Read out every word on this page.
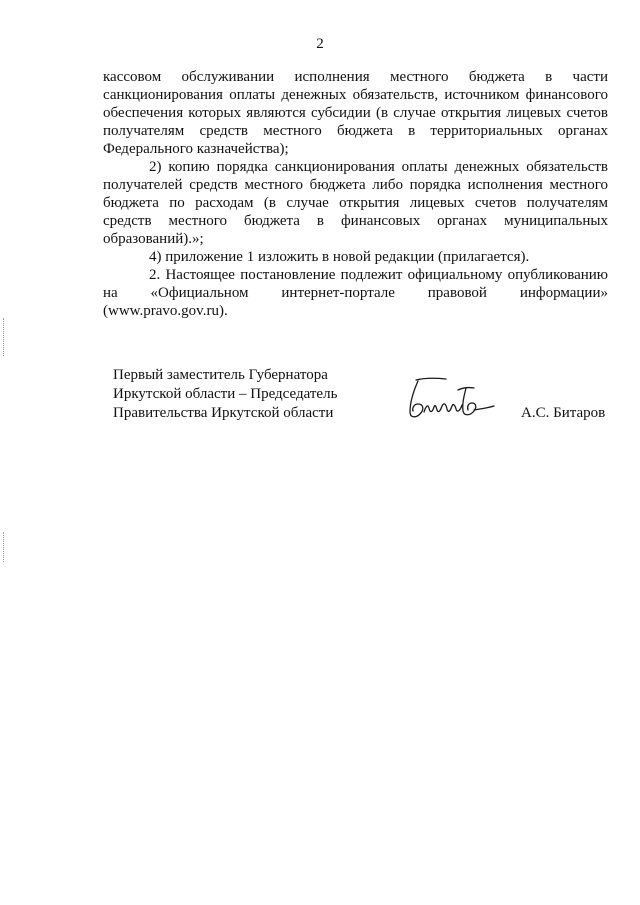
2
кассовом обслуживании исполнения местного бюджета в части
санкционирования оплаты денежных обязательств, источником финансового
обеспечения которых являются субсидии (в случае открытия лицевых счетов
получателям средств местного бюджета в территориальных органах
Федерального казначейства);
2) копию порядка санкционирования оплаты денежных обязательств
получателей средств местного бюджета либо порядка исполнения местного
бюджета по расходам (в случае открытия лицевых счетов получателям
средств местного бюджета в финансовых органах муниципальных
образований).»;
4) приложение 1 изложить в новой редакции (прилагается).
2. Настоящее постановление подлежит официальному опубликованию
на «Официальном интернет-портале правовой информации»
(www.pravo.gov.ru).
Первый заместитель Губернатора
Иркутской области – Председатель
Правительства Иркутской области	А.С. Битаров
